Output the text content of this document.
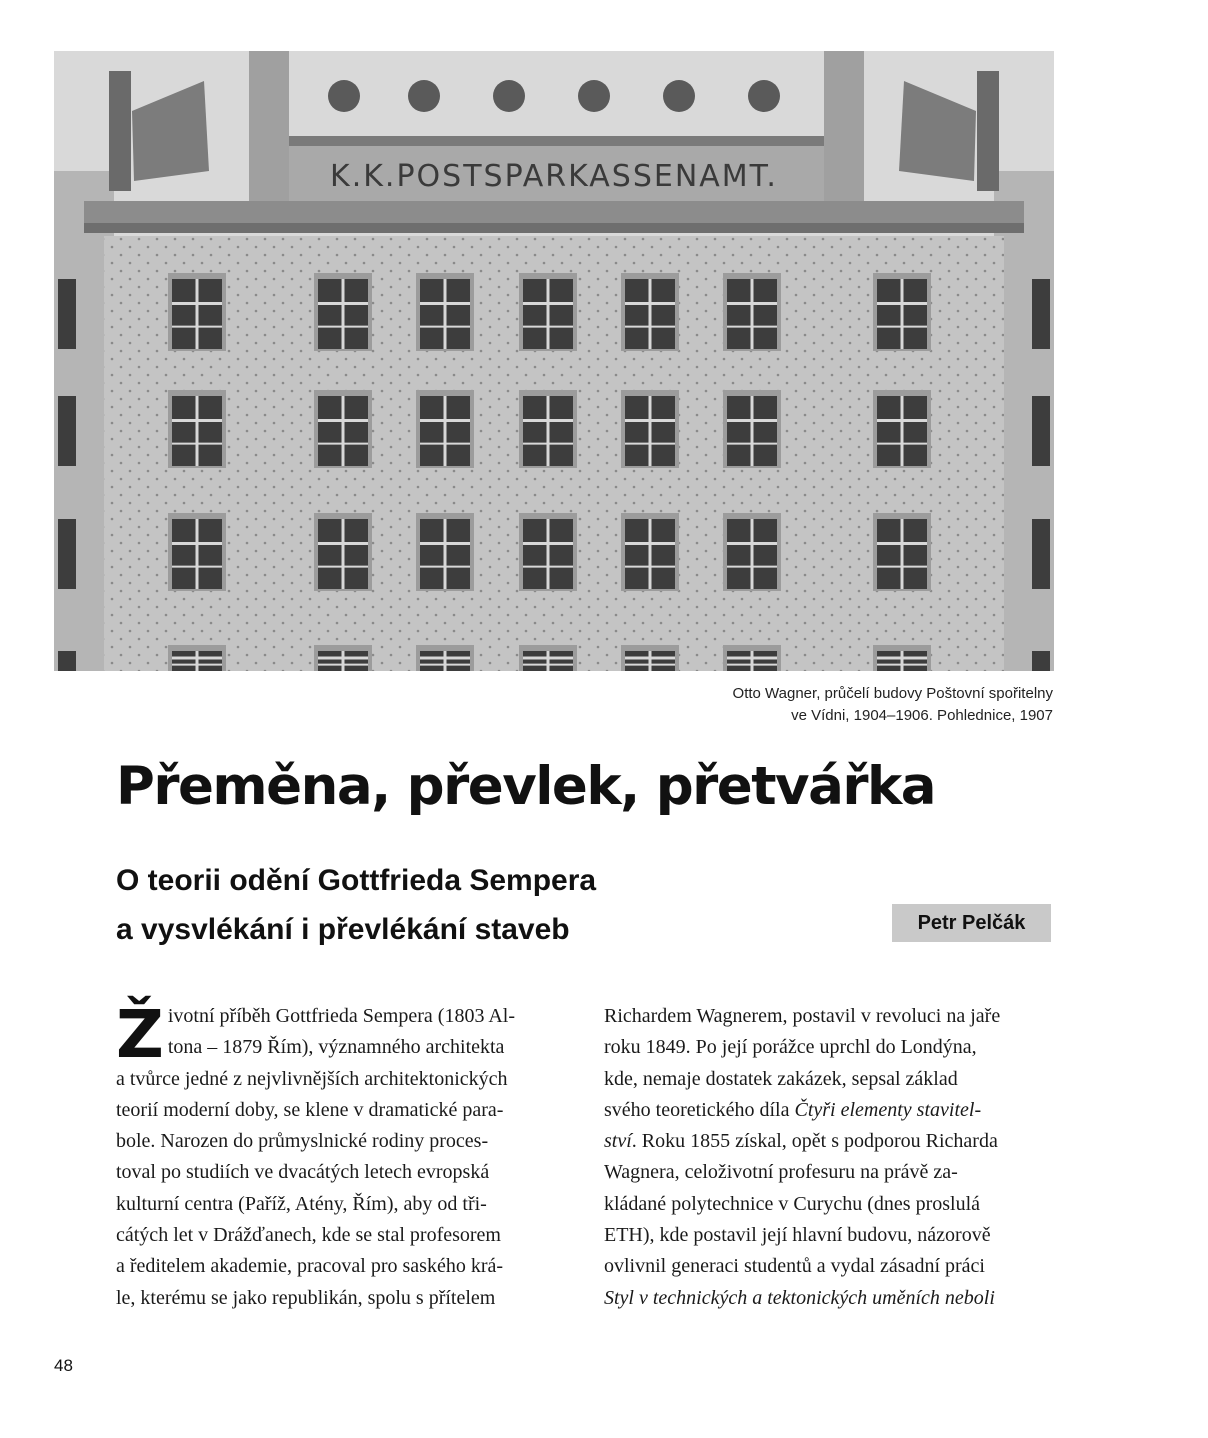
K.K.POSTSPARKASSENAMT.
Otto Wagner, průčelí budovy Poštovní spořitelny
ve Vídni, 1904–1906. Pohlednice, 1907
Přeměna, převlek, přetvářka
O teorii odění Gottfrieda Sempera
a vysvlékání i převlékání staveb	Petr Pelčák

Ž ivotní příběh Gottfrieda Sempera (1803 Al-
tona – 1879 Řím), významného architekta
a tvůrce jedné z nejvlivnějších architektonických
teorií moderní doby, se klene v dramatické para-
bole. Narozen do průmyslnické rodiny proces-
toval po studiích ve dvacátých letech evropská
kulturní centra (Paříž, Atény, Řím), aby od tři-
cátých let v Drážďanech, kde se stal profesorem
a ředitelem akademie, pracoval pro saského krá-
le, kterému se jako republikán, spolu s přítelem

Richardem Wagnerem, postavil v revoluci na jaře
roku 1849. Po její porážce uprchl do Londýna,
kde, nemaje dostatek zakázek, sepsal základ
svého teoretického díla Čtyři elementy stavitel-
ství. Roku 1855 získal, opět s podporou Richarda
Wagnera, celoživotní profesuru na právě za-
kládané polytechnice v Curychu (dnes proslulá
ETH), kde postavil její hlavní budovu, názorově
ovlivnil generaci studentů a vydal zásadní práci
Styl v technických a tektonických uměních neboli

48
